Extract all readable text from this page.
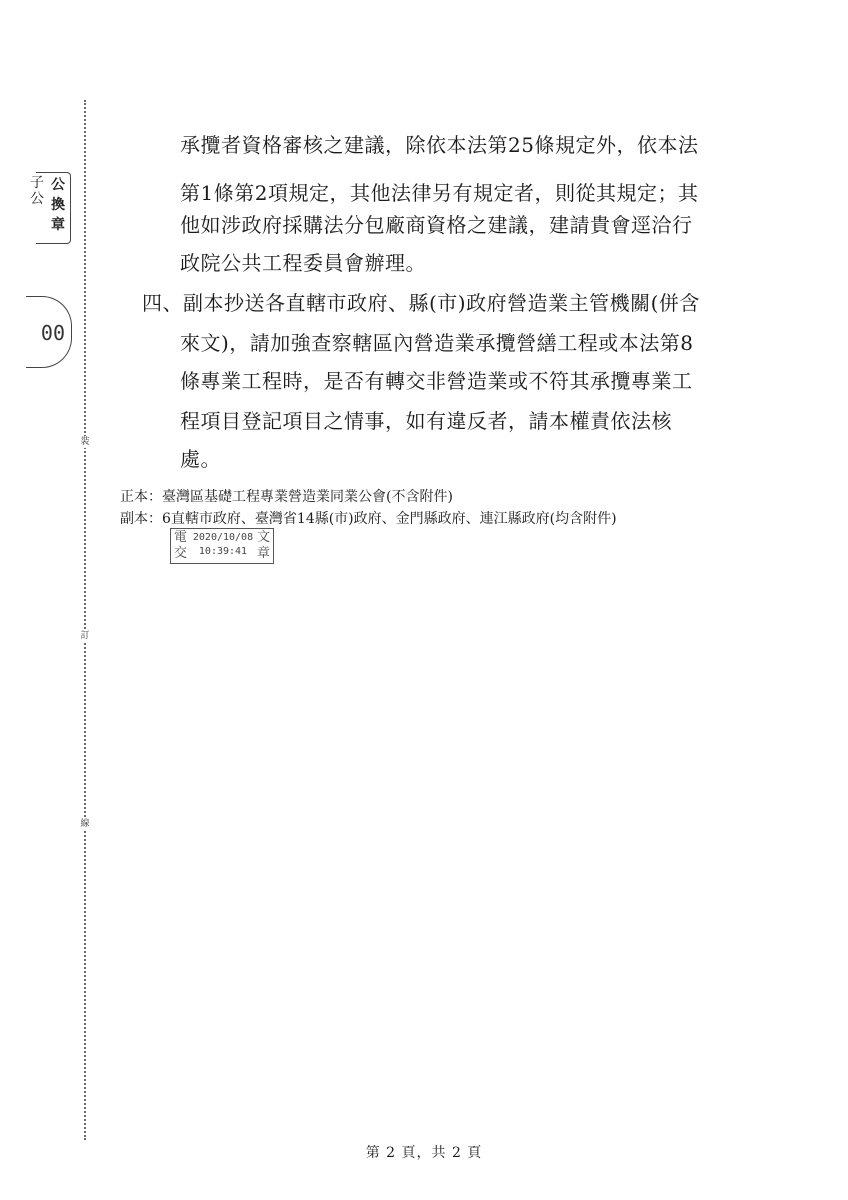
裝
訂
線
子公
公換章
00
承攬者資格審核之建議，除依本法第25條規定外，依本法
第1條第2項規定，其他法律另有規定者，則從其規定；其
他如涉政府採購法分包廠商資格之建議，建請貴會逕洽行
政院公共工程委員會辦理。
四、副本抄送各直轄市政府、縣(市)政府營造業主管機關(併含
來文)，請加強查察轄區內營造業承攬營繕工程或本法第8
條專業工程時，是否有轉交非營造業或不符其承攬專業工
程項目登記項目之情事，如有違反者，請本權責依法核
處。
正本：臺灣區基礎工程專業營造業同業公會(不含附件)
副本：6直轄市政府、臺灣省14縣(市)政府、金門縣政府、連江縣政府(均含附件)
電
交
2020/10/08
10:39:41
文
章
第 2 頁，共 2 頁
